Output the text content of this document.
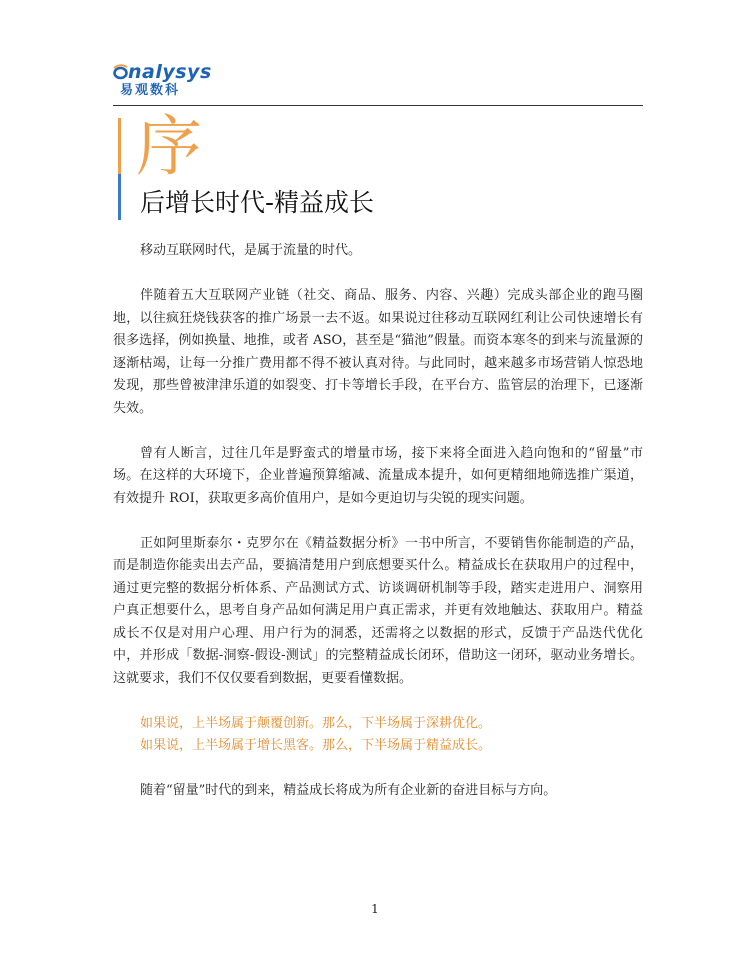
nalysys
易观数科
序
后增长时代-精益成长

移动互联网时代，是属于流量的时代。

伴随着五大互联网产业链（社交、商品、服务、内容、兴趣）完成头部企业的跑马圈地，以往疯狂烧钱获客的推广场景一去不返。如果说过往移动互联网红利让公司快速增长有很多选择，例如换量、地推，或者 ASO，甚至是“猫池”假量。而资本寒冬的到来与流量源的逐渐枯竭，让每一分推广费用都不得不被认真对待。与此同时，越来越多市场营销人惊恐地发现，那些曾被津津乐道的如裂变、打卡等增长手段，在平台方、监管层的治理下，已逐渐失效。

曾有人断言，过往几年是野蛮式的增量市场，接下来将全面进入趋向饱和的“留量”市场。在这样的大环境下，企业普遍预算缩减、流量成本提升，如何更精细地筛选推广渠道，有效提升 ROI，获取更多高价值用户，是如今更迫切与尖锐的现实问题。

正如阿里斯泰尔・克罗尔在《精益数据分析》一书中所言，不要销售你能制造的产品，而是制造你能卖出去产品，要搞清楚用户到底想要买什么。精益成长在获取用户的过程中，通过更完整的数据分析体系、产品测试方式、访谈调研机制等手段，踏实走进用户、洞察用户真正想要什么，思考自身产品如何满足用户真正需求，并更有效地触达、获取用户。精益成长不仅是对用户心理、用户行为的洞悉，还需将之以数据的形式，反馈于产品迭代优化中，并形成「数据-洞察-假设-测试」的完整精益成长闭环，借助这一闭环，驱动业务增长。这就要求，我们不仅仅要看到数据，更要看懂数据。

如果说，上半场属于颠覆创新。那么，下半场属于深耕优化。

如果说，上半场属于增长黑客。那么，下半场属于精益成长。

随着“留量”时代的到来，精益成长将成为所有企业新的奋进目标与方向。

1
